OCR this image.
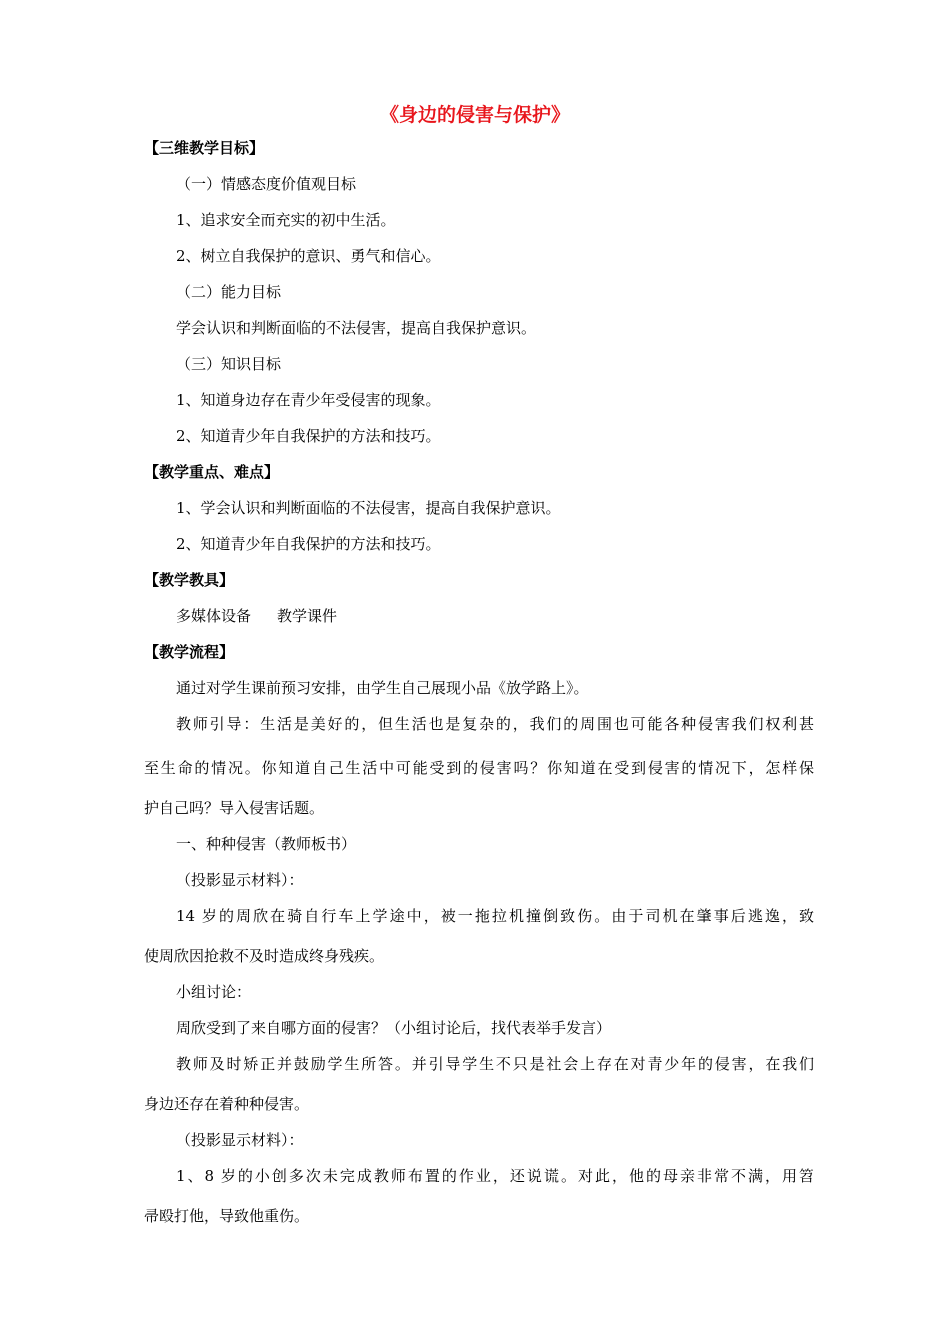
《身边的侵害与保护》
【三维教学目标】
（一）情感态度价值观目标
1、追求安全而充实的初中生活。
2、树立自我保护的意识、勇气和信心。
（二）能力目标
学会认识和判断面临的不法侵害，提高自我保护意识。
（三）知识目标
1、知道身边存在青少年受侵害的现象。
2、知道青少年自我保护的方法和技巧。
【教学重点、难点】
1、学会认识和判断面临的不法侵害，提高自我保护意识。
2、知道青少年自我保护的方法和技巧。
【教学教具】
多媒体设备 教学课件
【教学流程】
通过对学生课前预习安排，由学生自己展现小品《放学路上》。
教师引导：生活是美好的，但生活也是复杂的，我们的周围也可能各种侵害我们权利甚
至生命的情况。你知道自己生活中可能受到的侵害吗？你知道在受到侵害的情况下，怎样保
护自己吗？导入侵害话题。
一、种种侵害（教师板书）
（投影显示材料）：
14 岁的周欣在骑自行车上学途中，被一拖拉机撞倒致伤。由于司机在肇事后逃逸，致
使周欣因抢救不及时造成终身残疾。
小组讨论：
周欣受到了来自哪方面的侵害？（小组讨论后，找代表举手发言）
教师及时矫正并鼓励学生所答。并引导学生不只是社会上存在对青少年的侵害，在我们
身边还存在着种种侵害。
（投影显示材料）：
1、8 岁的小创多次未完成教师布置的作业，还说谎。对此，他的母亲非常不满，用笤
帚殴打他，导致他重伤。
